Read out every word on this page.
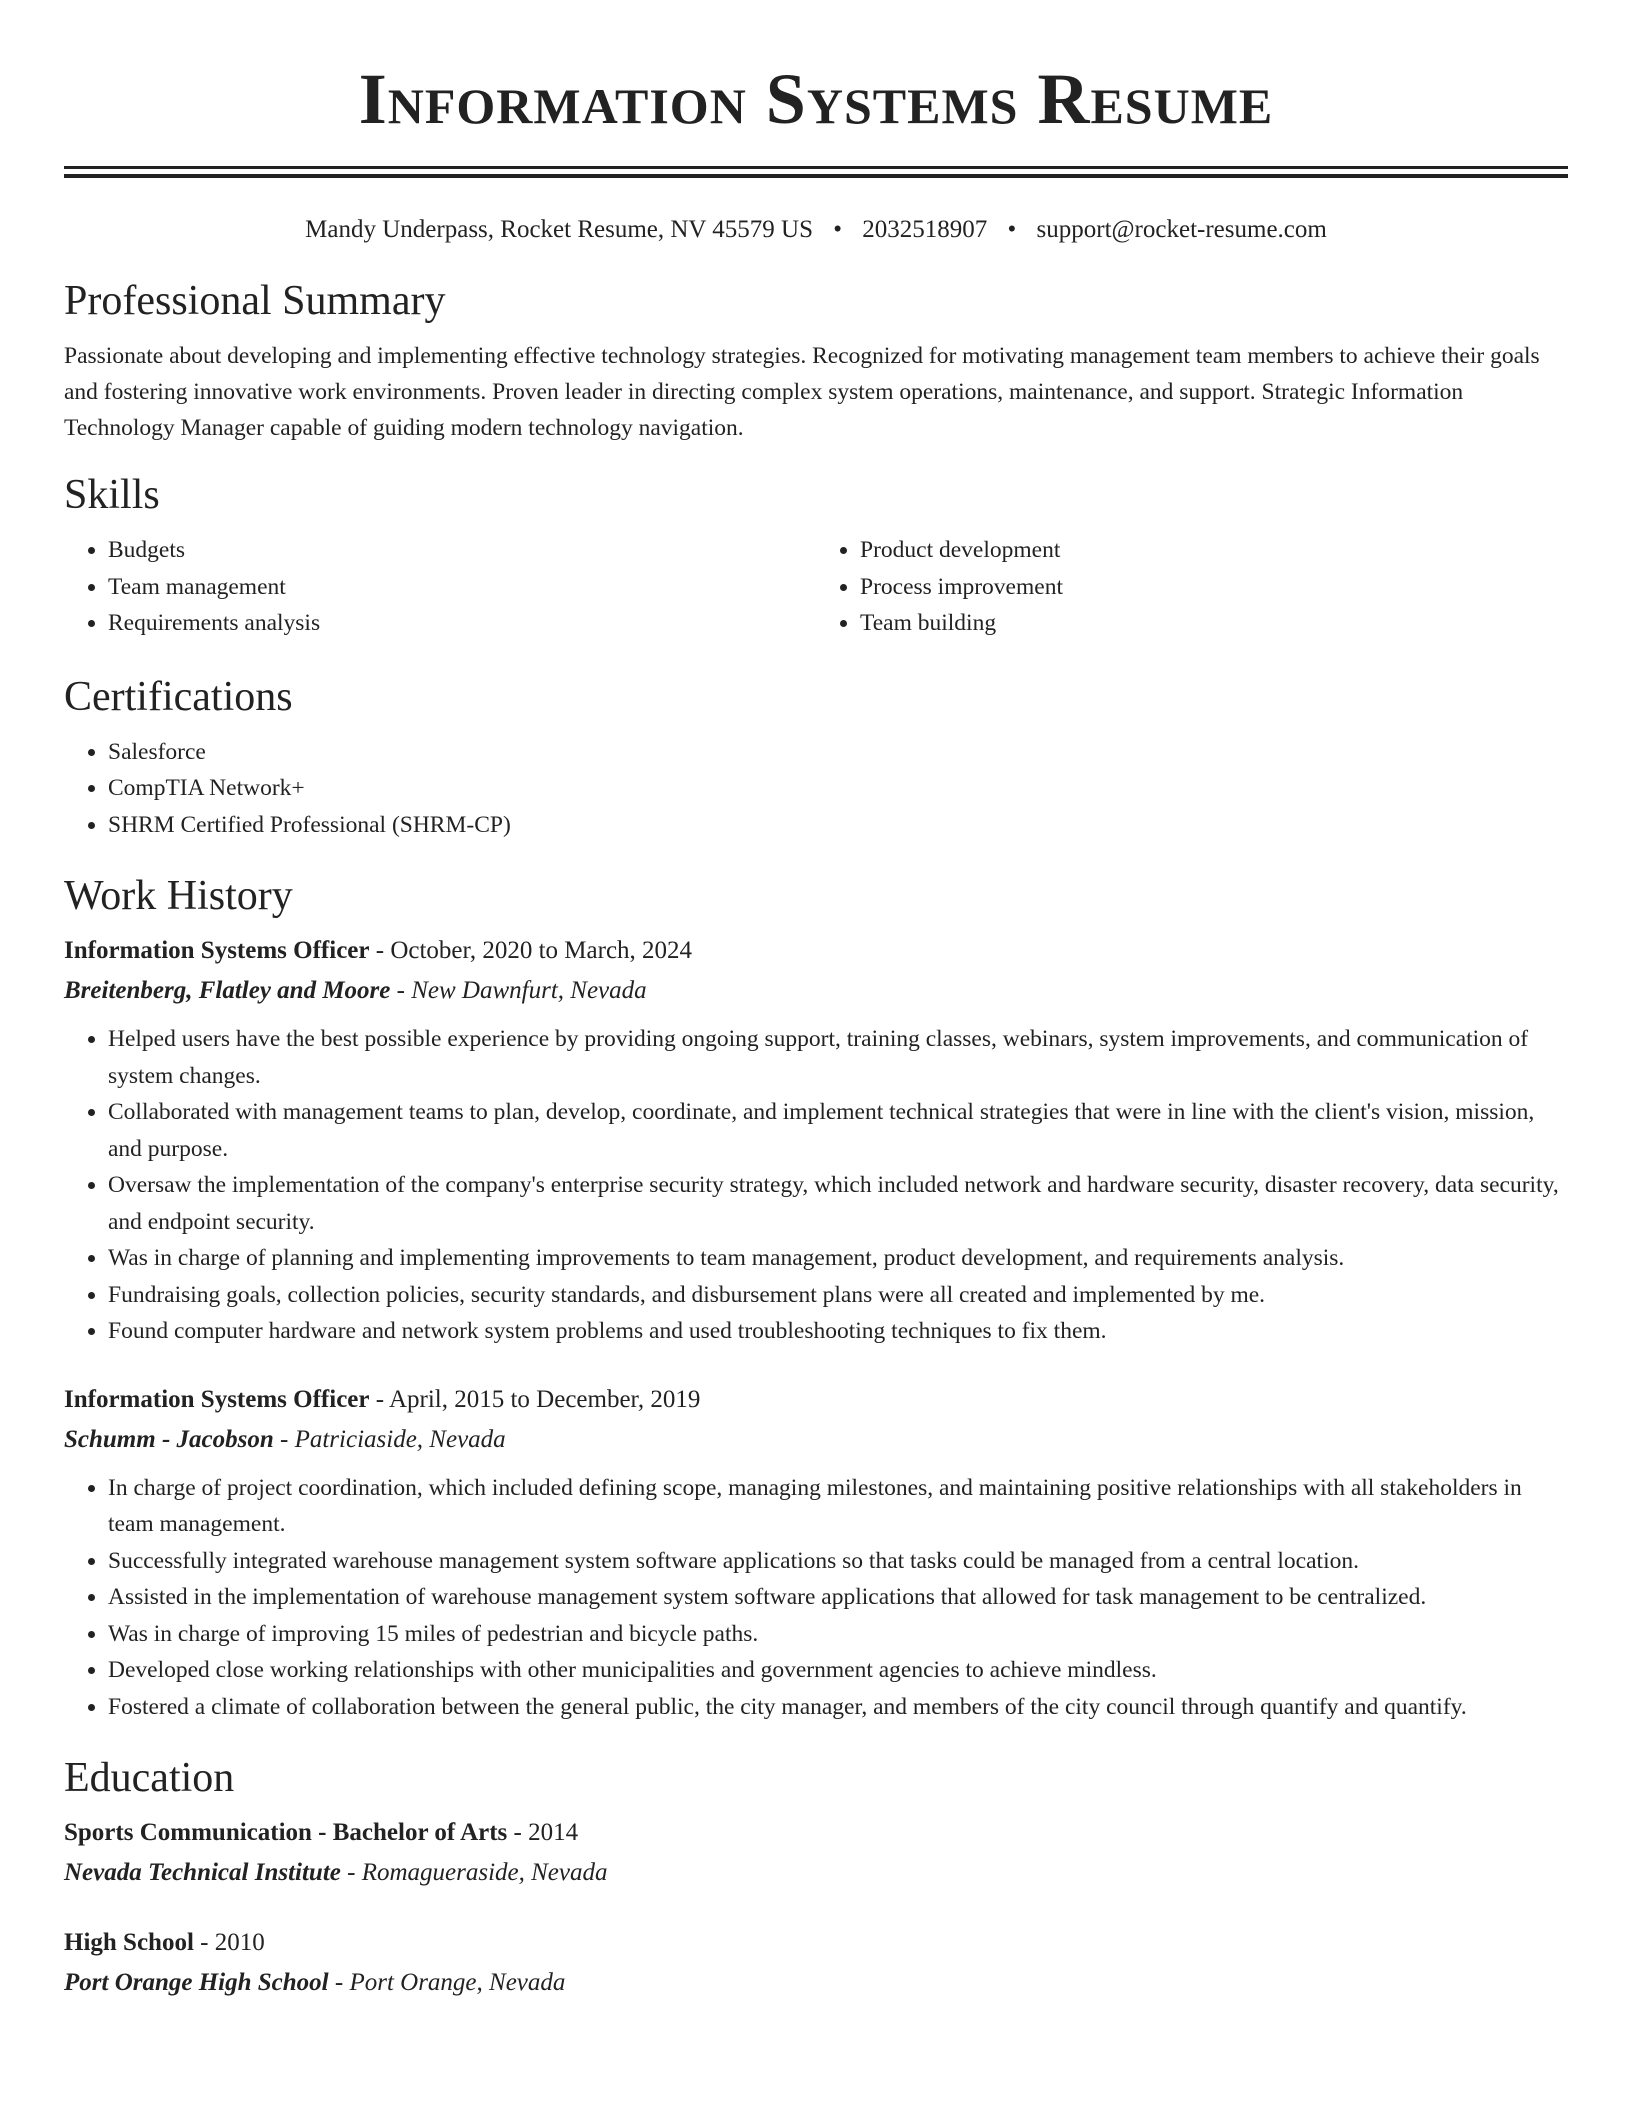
Information Systems Resume
Mandy Underpass, Rocket Resume, NV 45579 US • 2032518907 • support@rocket-resume.com
Professional Summary

Passionate about developing and implementing effective technology strategies. Recognized for motivating management team members to achieve their goals and fostering innovative work environments. Proven leader in directing complex system operations, maintenance, and support. Strategic Information Technology Manager capable of guiding modern technology navigation.

Skills
• Budgets
• Team management
• Requirements analysis
• Product development
• Process improvement
• Team building
Certifications
• Salesforce
• CompTIA Network+
• SHRM Certified Professional (SHRM-CP)
Work History
Information Systems Officer - October, 2020 to March, 2024
Breitenberg, Flatley and Moore - New Dawnfurt, Nevada
• Helped users have the best possible experience by providing ongoing support, training classes, webinars, system improvements, and communication of system changes.
• Collaborated with management teams to plan, develop, coordinate, and implement technical strategies that were in line with the client's vision, mission, and purpose.
• Oversaw the implementation of the company's enterprise security strategy, which included network and hardware security, disaster recovery, data security, and endpoint security.
• Was in charge of planning and implementing improvements to team management, product development, and requirements analysis.
• Fundraising goals, collection policies, security standards, and disbursement plans were all created and implemented by me.
• Found computer hardware and network system problems and used troubleshooting techniques to fix them.
Information Systems Officer - April, 2015 to December, 2019
Schumm - Jacobson - Patriciaside, Nevada
• In charge of project coordination, which included defining scope, managing milestones, and maintaining positive relationships with all stakeholders in team management.
• Successfully integrated warehouse management system software applications so that tasks could be managed from a central location.
• Assisted in the implementation of warehouse management system software applications that allowed for task management to be centralized.
• Was in charge of improving 15 miles of pedestrian and bicycle paths.
• Developed close working relationships with other municipalities and government agencies to achieve mindless.
• Fostered a climate of collaboration between the general public, the city manager, and members of the city council through quantify and quantify.
Education
Sports Communication - Bachelor of Arts - 2014
Nevada Technical Institute - Romagueraside, Nevada
High School - 2010
Port Orange High School - Port Orange, Nevada
